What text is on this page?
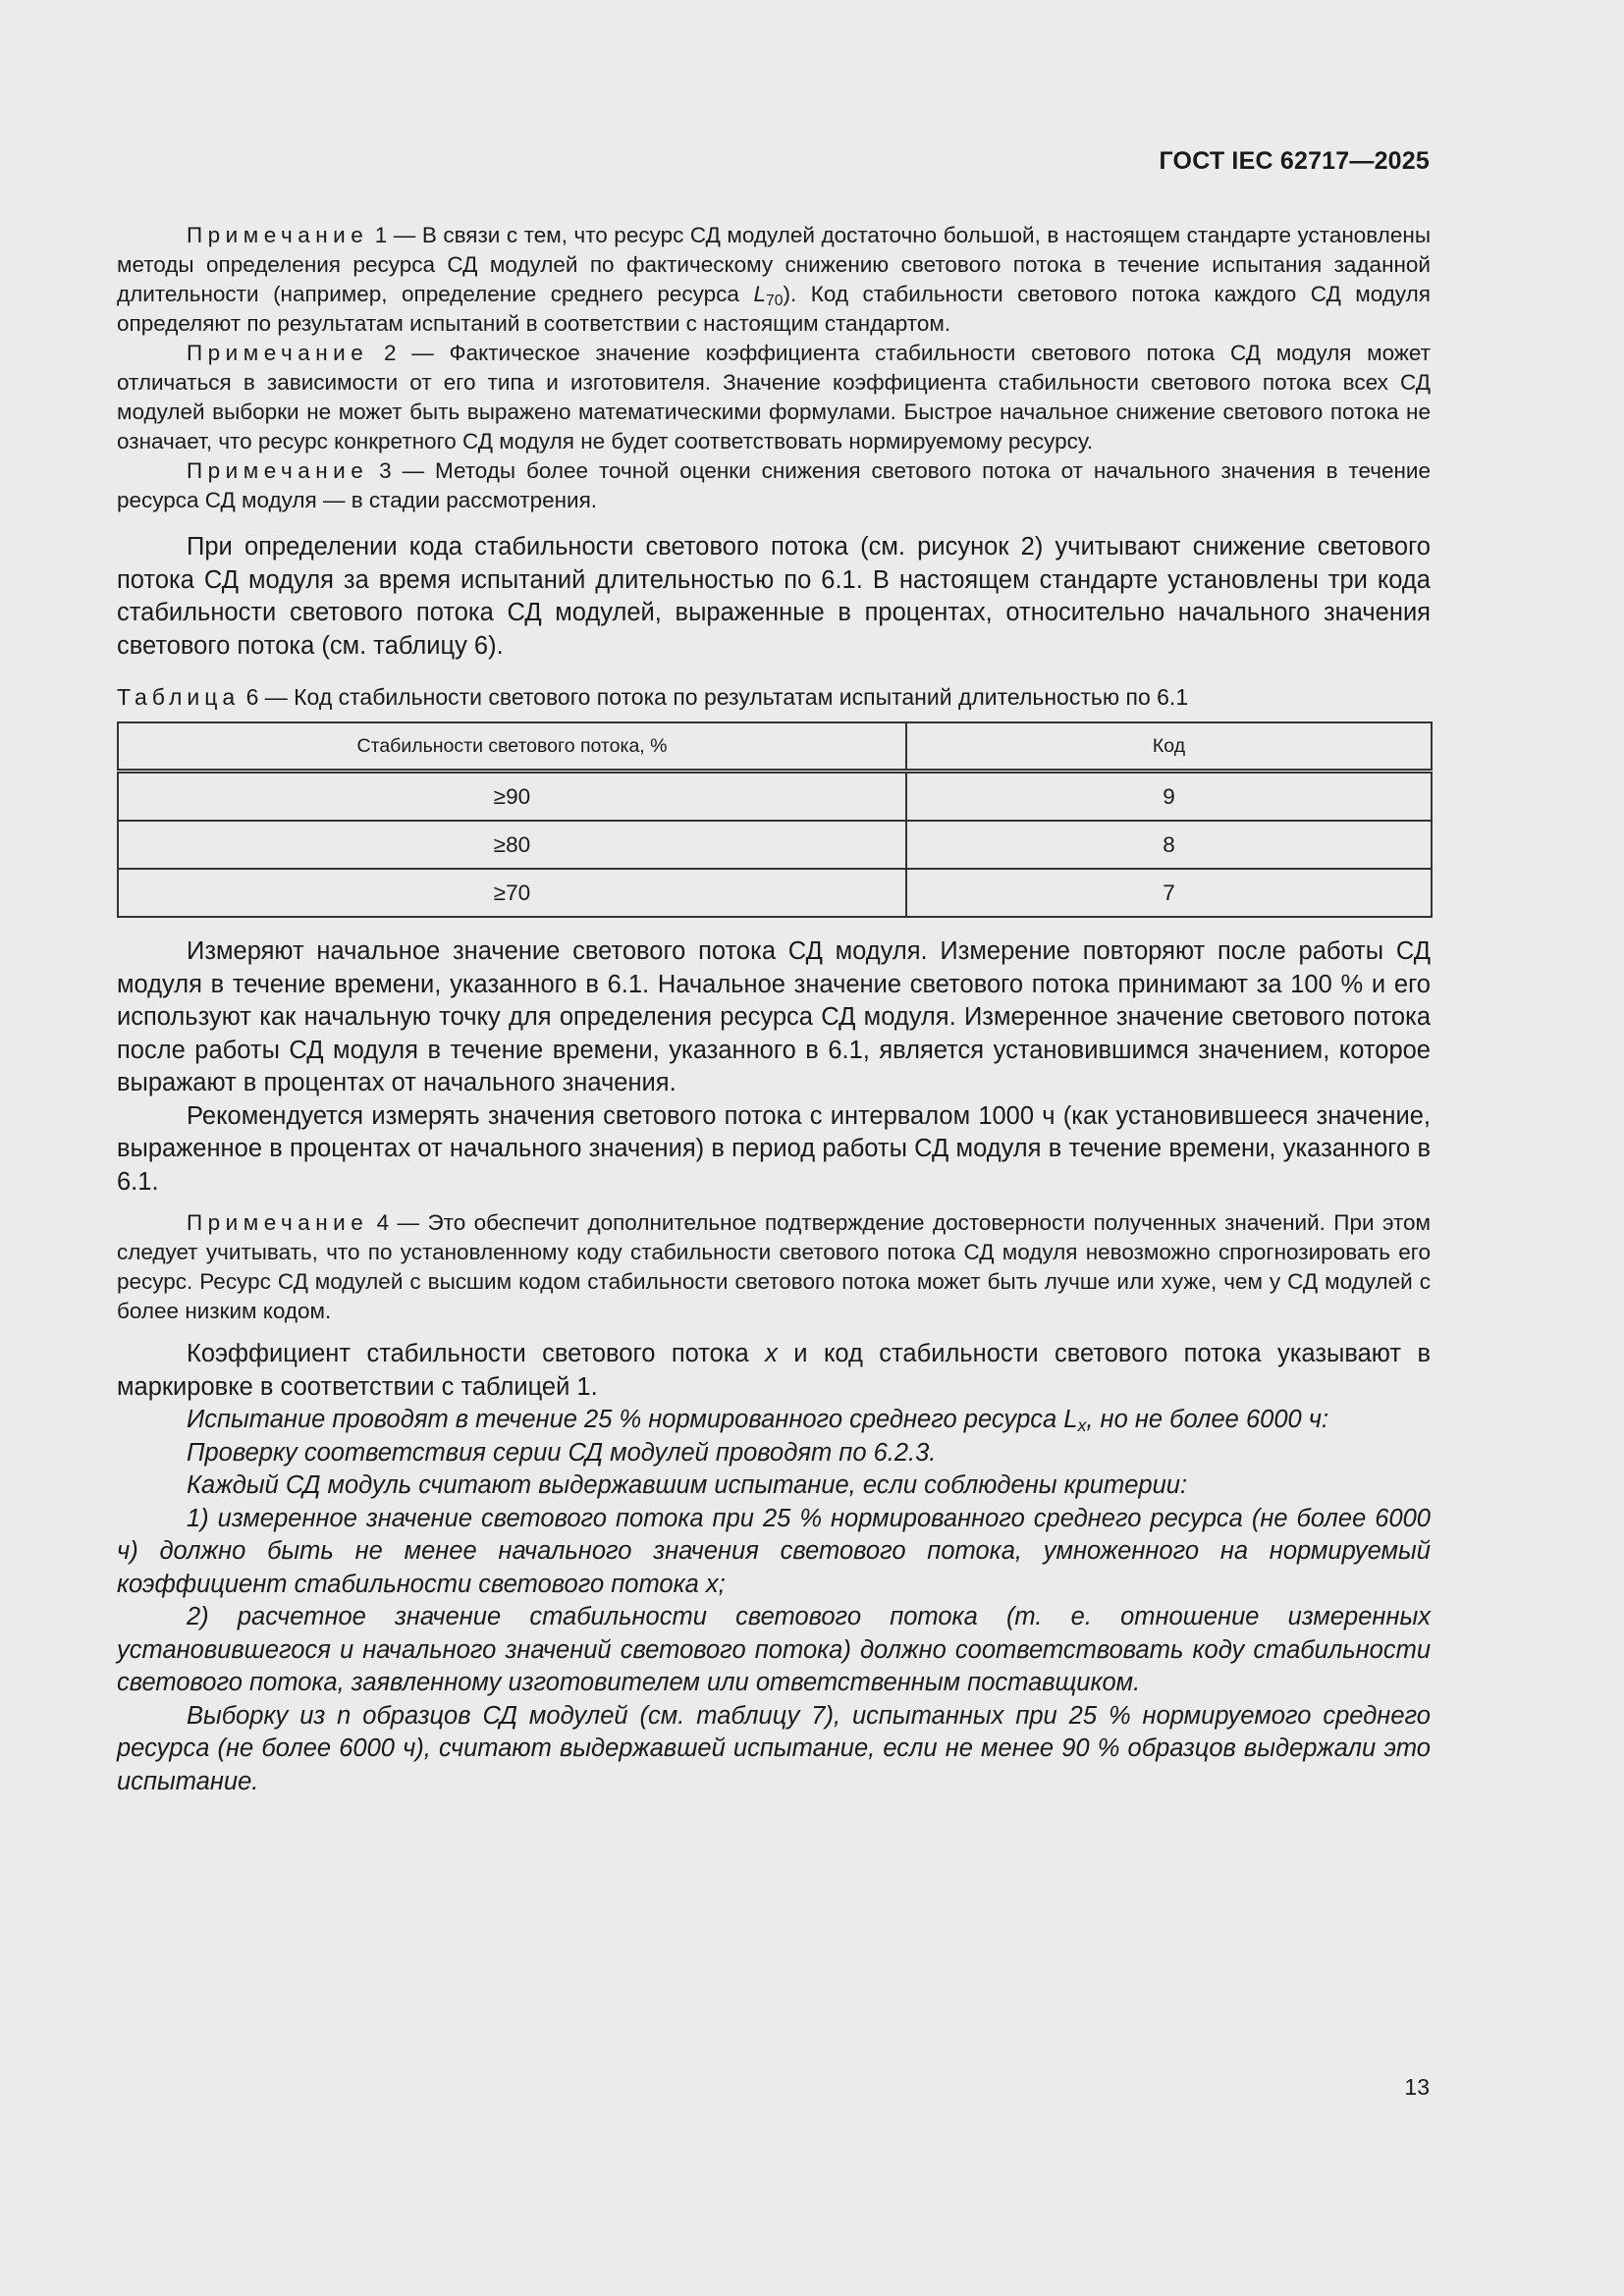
ГОСТ IEC 62717—2025

Примечание 1 — В связи с тем, что ресурс СД модулей достаточно большой, в настоящем стандарте установлены методы определения ресурса СД модулей по фактическому снижению светового потока в течение испытания заданной длительности (например, определение среднего ресурса $L_{70}$). Код стабильности светового потока каждого СД модуля определяют по результатам испытаний в соответствии с настоящим стандартом.

Примечание 2 — Фактическое значение коэффициента стабильности светового потока СД модуля может отличаться в зависимости от его типа и изготовителя. Значение коэффициента стабильности светового потока всех СД модулей выборки не может быть выражено математическими формулами. Быстрое начальное снижение светового потока не означает, что ресурс конкретного СД модуля не будет соответствовать нормируемому ресурсу.

Примечание 3 — Методы более точной оценки снижения светового потока от начального значения в течение ресурса СД модуля — в стадии рассмотрения.

При определении кода стабильности светового потока (см. рисунок 2) учитывают снижение светового потока СД модуля за время испытаний длительностью по 6.1. В настоящем стандарте установлены три кода стабильности светового потока СД модулей, выраженные в процентах, относительно начального значения светового потока (см. таблицу 6).

Таблица 6 — Код стабильности светового потока по результатам испытаний длительностью по 6.1

Стабильности светового потока, %	Код
≥90	9
≥80	8
≥70	7

Измеряют начальное значение светового потока СД модуля. Измерение повторяют после работы СД модуля в течение времени, указанного в 6.1. Начальное значение светового потока принимают за 100 % и его используют как начальную точку для определения ресурса СД модуля. Измеренное значение светового потока после работы СД модуля в течение времени, указанного в 6.1, является установившимся значением, которое выражают в процентах от начального значения.

Рекомендуется измерять значения светового потока с интервалом 1000 ч (как установившееся значение, выраженное в процентах от начального значения) в период работы СД модуля в течение времени, указанного в 6.1.

Примечание 4 — Это обеспечит дополнительное подтверждение достоверности полученных значений. При этом следует учитывать, что по установленному коду стабильности светового потока СД модуля невозможно спрогнозировать его ресурс. Ресурс СД модулей с высшим кодом стабильности светового потока может быть лучше или хуже, чем у СД модулей с более низким кодом.

Коэффициент стабильности светового потока x и код стабильности светового потока указывают в маркировке в соответствии с таблицей 1.

Испытание проводят в течение 25 % нормированного среднего ресурса $L_x$, но не более 6000 ч:

Проверку соответствия серии СД модулей проводят по 6.2.3.

Каждый СД модуль считают выдержавшим испытание, если соблюдены критерии:

1) измеренное значение светового потока при 25 % нормированного среднего ресурса (не более 6000 ч) должно быть не менее начального значения светового потока, умноженного на нормируемый коэффициент стабильности светового потока x;

2) расчетное значение стабильности светового потока (т. е. отношение измеренных установившегося и начального значений светового потока) должно соответствовать коду стабильности светового потока, заявленному изготовителем или ответственным поставщиком.

Выборку из n образцов СД модулей (см. таблицу 7), испытанных при 25 % нормируемого среднего ресурса (не более 6000 ч), считают выдержавшей испытание, если не менее 90 % образцов выдержали это испытание.

13
